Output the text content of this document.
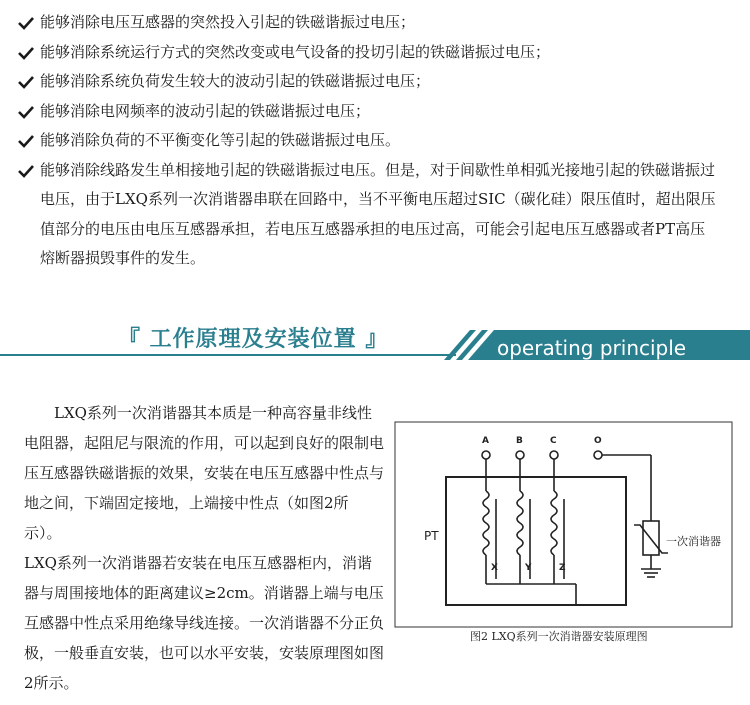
能够消除电压互感器的突然投入引起的铁磁谐振过电压；
能够消除系统运行方式的突然改变或电气设备的投切引起的铁磁谐振过电压；
能够消除系统负荷发生较大的波动引起的铁磁谐振过电压；
能够消除电网频率的波动引起的铁磁谐振过电压；
能够消除负荷的不平衡变化等引起的铁磁谐振过电压。
能够消除线路发生单相接地引起的铁磁谐振过电压。但是，对于间歇性单相弧光接地引起的铁磁谐振过电压，由于LXQ系列一次消谐器串联在回路中，当不平衡电压超过SIC（碳化硅）限压值时，超出限压值部分的电压由电压互感器承担，若电压互感器承担的电压过高，可能会引起电压互感器或者PT高压熔断器损毁事件的发生。
『 工作原理及安装位置 』	operating principle

LXQ系列一次消谐器其本质是一种高容量非线性电阻器，起阻尼与限流的作用，可以起到良好的限制电压互感器铁磁谐振的效果，安装在电压互感器中性点与地之间，下端固定接地，上端接中性点（如图2所示）。

LXQ系列一次消谐器若安装在电压互感器柜内，消谐器与周围接地体的距离建议≥2cm。消谐器上端与电压互感器中性点采用绝缘导线连接。一次消谐器不分正负极，一般垂直安装，也可以水平安装，安装原理图如图2所示。

A	B	C	O
X	Y	Z
PT	一次消谐器
图2 LXQ系列一次消谐器安装原理图
